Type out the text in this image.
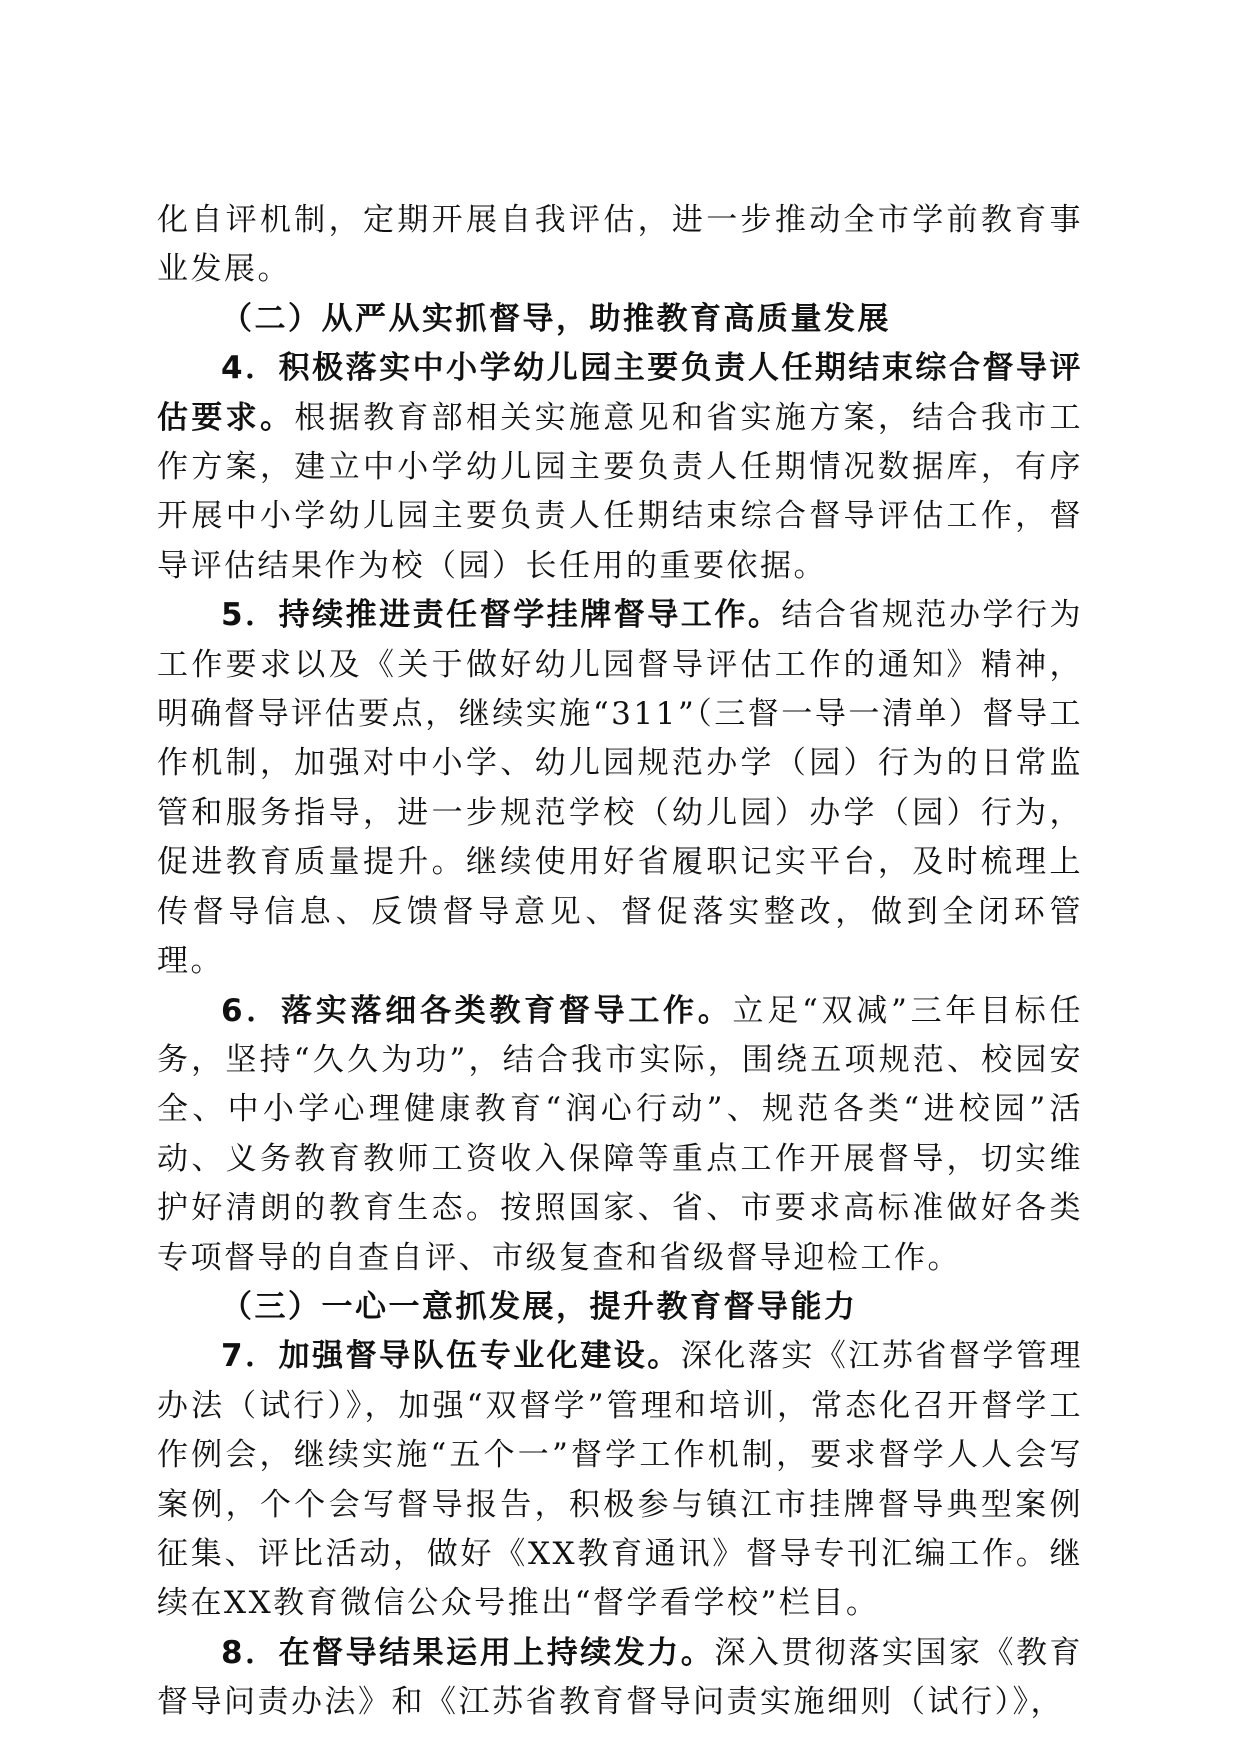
化自评机制，定期开展自我评估，进一步推动全市学前教育事业发展。

（二）从严从实抓督导，助推教育高质量发展

4．积极落实中小学幼儿园主要负责人任期结束综合督导评估要求。根据教育部相关实施意见和省实施方案，结合我市工作方案，建立中小学幼儿园主要负责人任期情况数据库，有序开展中小学幼儿园主要负责人任期结束综合督导评估工作，督导评估结果作为校（园）长任用的重要依据。

5．持续推进责任督学挂牌督导工作。结合省规范办学行为工作要求以及《关于做好幼儿园督导评估工作的通知》精神，明确督导评估要点，继续实施“311”（三督一导一清单）督导工作机制，加强对中小学、幼儿园规范办学（园）行为的日常监管和服务指导，进一步规范学校（幼儿园）办学（园）行为，促进教育质量提升。继续使用好省履职记实平台，及时梳理上传督导信息、反馈督导意见、督促落实整改，做到全闭环管理。

6．落实落细各类教育督导工作。立足“双减”三年目标任务，坚持“久久为功”，结合我市实际，围绕五项规范、校园安全、中小学心理健康教育“润心行动”、规范各类“进校园”活动、义务教育教师工资收入保障等重点工作开展督导，切实维护好清朗的教育生态。按照国家、省、市要求高标准做好各类专项督导的自查自评、市级复查和省级督导迎检工作。

（三）一心一意抓发展，提升教育督导能力

7．加强督导队伍专业化建设。深化落实《江苏省督学管理办法（试行）》，加强“双督学”管理和培训，常态化召开督学工作例会，继续实施“五个一”督学工作机制，要求督学人人会写案例，个个会写督导报告，积极参与镇江市挂牌督导典型案例征集、评比活动，做好《XX教育通讯》督导专刊汇编工作。继续在XX教育微信公众号推出“督学看学校”栏目。

8．在督导结果运用上持续发力。深入贯彻落实国家《教育督导问责办法》和《江苏省教育督导问责实施细则（试行）》，
